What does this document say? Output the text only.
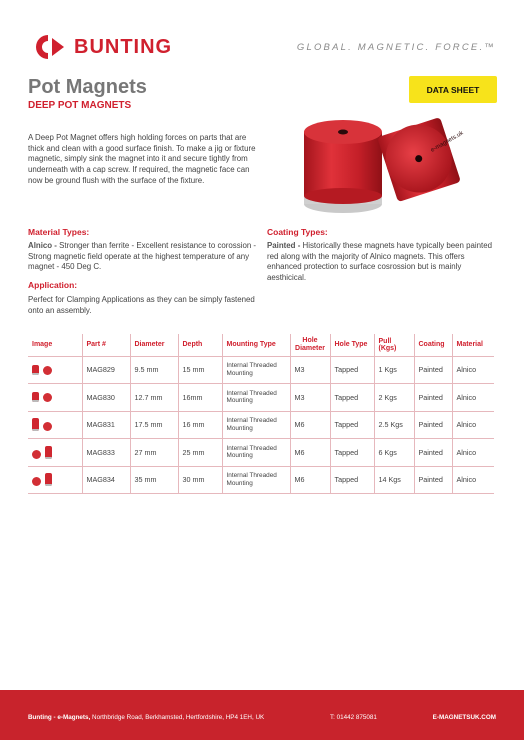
BUNTING	GLOBAL. MAGNETIC. FORCE.™
Pot Magnets
DEEP POT MAGNETS
DATA SHEET
e-magnets.uk
A Deep Pot Magnet offers high holding forces on parts that are thick and clean with a good surface finish. To make a jig or fixture magnetic, simply sink the magnet into it and secure tightly from underneath with a cap screw. If required, the magnetic face can now be ground flush with the surface of the fixture.
Material Types:
Alnico - Stronger than ferrite - Excellent resistance to corossion - Strong magnetic field operate at the highest temperature of any magnet - 450 Deg C.
Application:
Perfect for Clamping Applications as they can be simply fastened onto an assembly.
Coating Types:
Painted - Historically these magnets have typically been painted red along with the majority of Alnico magnets. This offers enhanced protection to surface cosrossion but is mainly aesthicical.
Image	Part #	Diameter	Depth	Mounting Type	Hole Diameter	Hole Type	Pull (Kgs)	Coating	Material

	MAG829	9.5 mm	15 mm	Internal Threaded Mounting	M3	Tapped	1 Kgs	Painted	Alnico

	MAG830	12.7 mm	16mm	Internal Threaded Mounting	M3	Tapped	2 Kgs	Painted	Alnico

	MAG831	17.5 mm	16 mm	Internal Threaded Mounting	M6	Tapped	2.5 Kgs	Painted	Alnico

	MAG833	27 mm	25 mm	Internal Threaded Mounting	M6	Tapped	6 Kgs	Painted	Alnico

	MAG834	35 mm	30 mm	Internal Threaded Mounting	M6	Tapped	14 Kgs	Painted	Alnico
Bunting - e-Magnets, Northbridge Road, Berkhamsted, Hertfordshire, HP4 1EH, UK	T: 01442 875081	E-MAGNETSUK.COM
